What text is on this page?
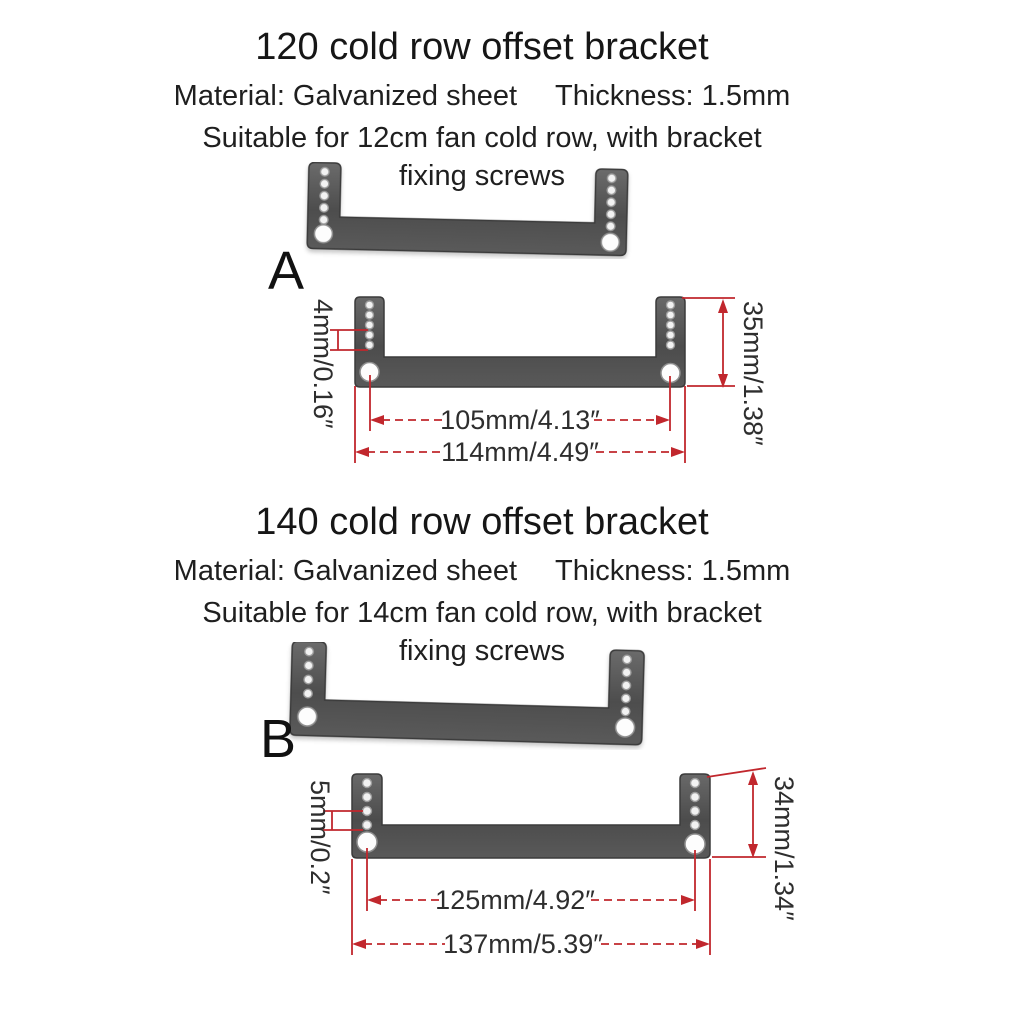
120 cold row offset bracket
Material: Galvanized sheet Thickness: 1.5mm
Suitable for 12cm fan cold row, with bracket
fixing screws
A
4mm/0.16″	35mm/1.38″
105mm/4.13″
114mm/4.49″
140 cold row offset bracket
Material: Galvanized sheet Thickness: 1.5mm
Suitable for 14cm fan cold row, with bracket
fixing screws
B
5mm/0.2″	34mm/1.34″
125mm/4.92″
137mm/5.39″
